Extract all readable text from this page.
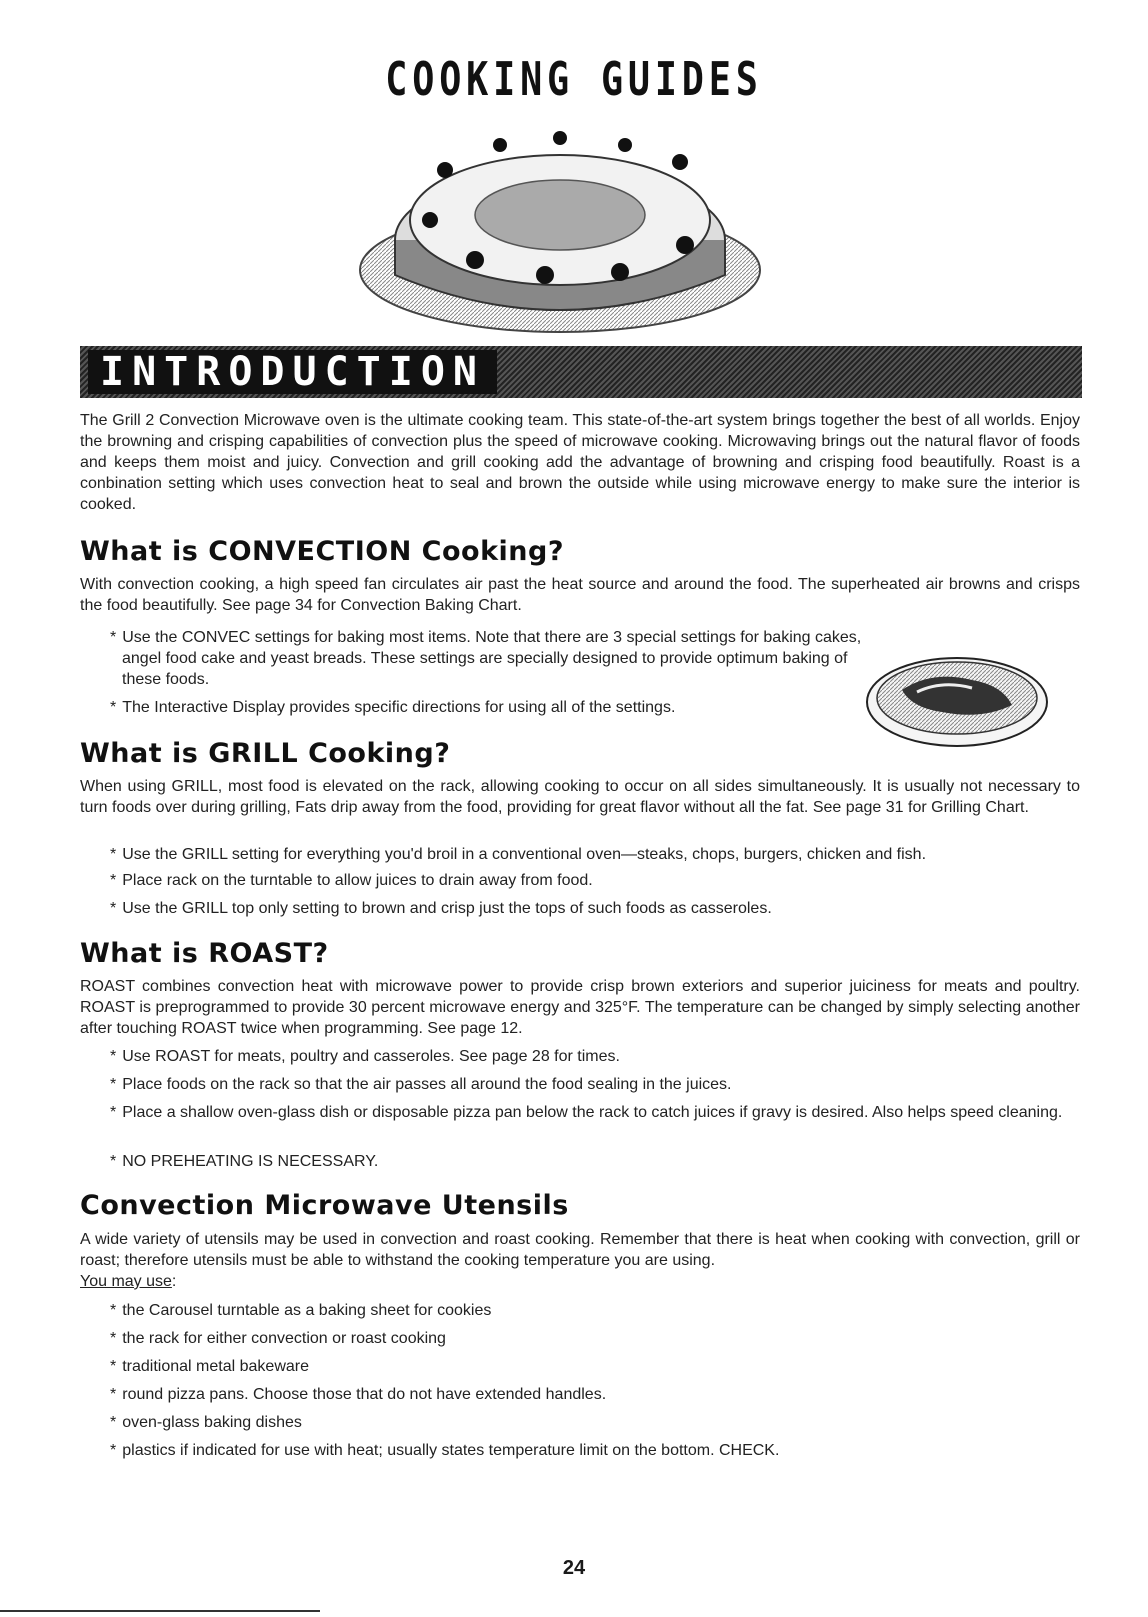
COOKING GUIDES
INTRODUCTION

The Grill 2 Convection Microwave oven is the ultimate cooking team. This state-of-the-art system brings together the best of all worlds. Enjoy the browning and crisping capabilities of convection plus the speed of microwave cooking. Microwaving brings out the natural flavor of foods and keeps them moist and juicy. Convection and grill cooking add the advantage of browning and crisping food beautifully. Roast is a conbination setting which uses convection heat to seal and brown the outside while using microwave energy to make sure the interior is cooked.

What is CONVECTION Cooking?

With convection cooking, a high speed fan circulates air past the heat source and around the food. The superheated air browns and crisps the food beautifully. See page 34 for Convection Baking Chart.

* Use the CONVEC settings for baking most items. Note that there are 3 special settings for baking cakes, angel food cake and yeast breads. These settings are specially designed to provide optimum baking of these foods.

* The Interactive Display provides specific directions for using all of the settings.

What is GRILL Cooking?

When using GRILL, most food is elevated on the rack, allowing cooking to occur on all sides simultaneously. It is usually not necessary to turn foods over during grilling, Fats drip away from the food, providing for great flavor without all the fat. See page 31 for Grilling Chart.

* Use the GRILL setting for everything you'd broil in a conventional oven—steaks, chops, burgers, chicken and fish.

* Place rack on the turntable to allow juices to drain away from food.

* Use the GRILL top only setting to brown and crisp just the tops of such foods as casseroles.

What is ROAST?

ROAST combines convection heat with microwave power to provide crisp brown exteriors and superior juiciness for meats and poultry. ROAST is preprogrammed to provide 30 percent microwave energy and 325°F. The temperature can be changed by simply selecting another after touching ROAST twice when programming. See page 12.

* Use ROAST for meats, poultry and casseroles. See page 28 for times.

* Place foods on the rack so that the air passes all around the food sealing in the juices.

* Place a shallow oven-glass dish or disposable pizza pan below the rack to catch juices if gravy is desired. Also helps speed cleaning.

* NO PREHEATING IS NECESSARY.

Convection Microwave Utensils

A wide variety of utensils may be used in convection and roast cooking. Remember that there is heat when cooking with convection, grill or roast; therefore utensils must be able to withstand the cooking temperature you are using.

You may use:

* the Carousel turntable as a baking sheet for cookies

* the rack for either convection or roast cooking

* traditional metal bakeware

* round pizza pans. Choose those that do not have extended handles.

* oven-glass baking dishes

* plastics if indicated for use with heat; usually states temperature limit on the bottom. CHECK.

24
